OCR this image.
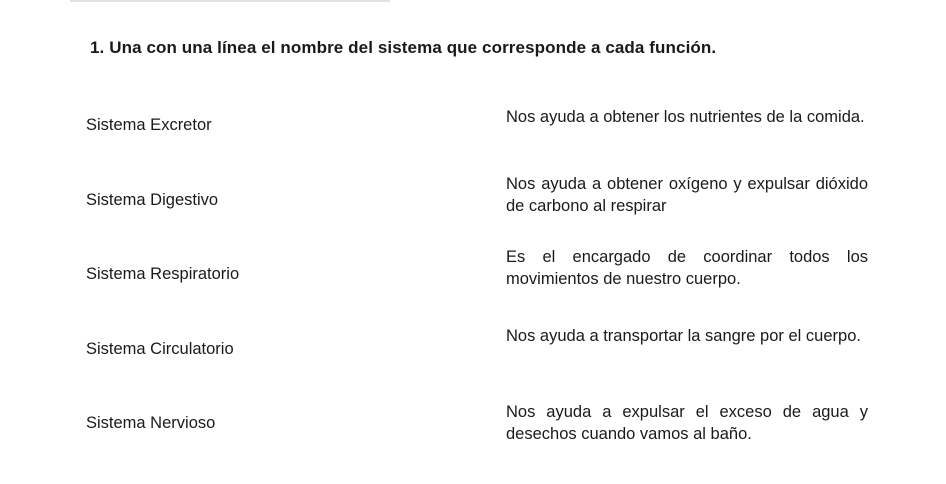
1. Una con una línea el nombre del sistema que corresponde a cada función.
Sistema Excretor
Sistema Digestivo
Sistema Respiratorio
Sistema Circulatorio
Sistema Nervioso
Nos ayuda a obtener los nutrientes de la comida.
Nos ayuda a obtener oxígeno y expulsar dióxido de carbono al respirar
Es el encargado de coordinar todos los movimientos de nuestro cuerpo.
Nos ayuda a transportar la sangre por el cuerpo.
Nos ayuda a expulsar el exceso de agua y desechos cuando vamos al baño.
